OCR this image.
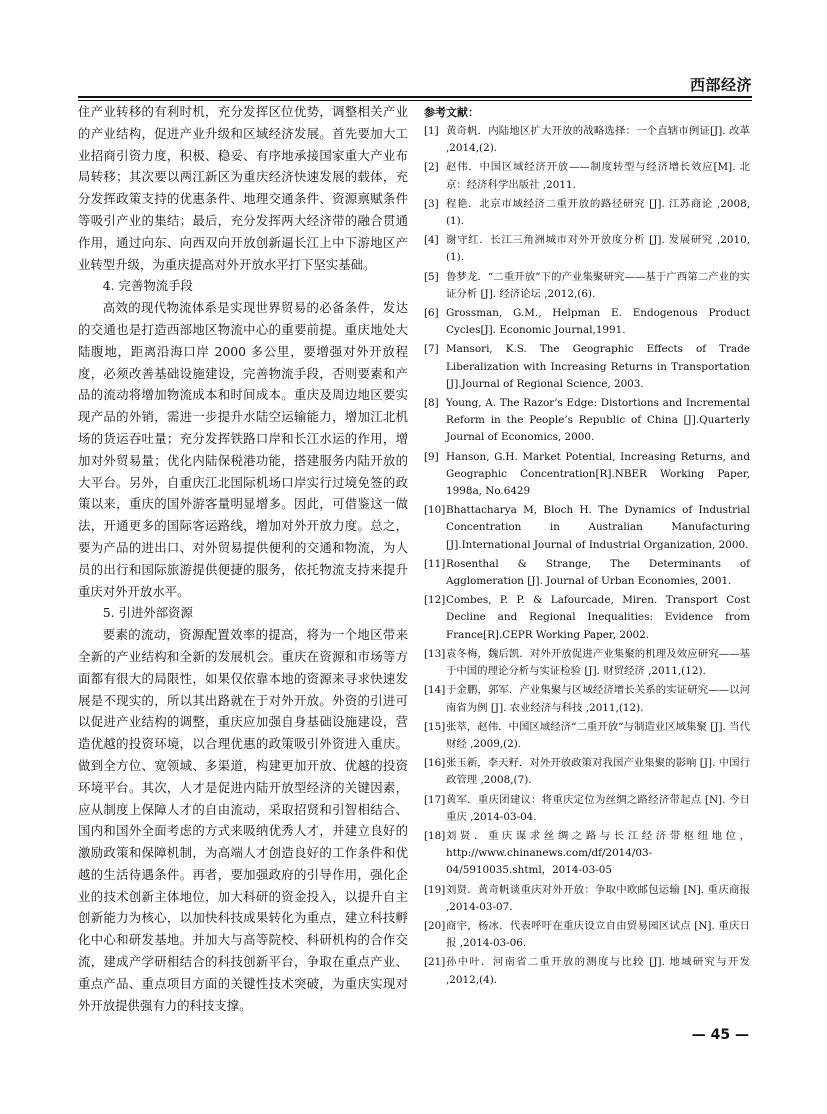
西部经济

住产业转移的有利时机，充分发挥区位优势，调整相关产业的产业结构，促进产业升级和区域经济发展。首先要加大工业招商引资力度，积极、稳妥、有序地承接国家重大产业布局转移；其次要以两江新区为重庆经济快速发展的载体，充分发挥政策支持的优惠条件、地理交通条件、资源禀赋条件等吸引产业的集结；最后，充分发挥两大经济带的融合贯通作用，通过向东、向西双向开放创新逼长江上中下游地区产业转型升级，为重庆提高对外开放水平打下坚实基础。

4. 完善物流手段

高效的现代物流体系是实现世界贸易的必备条件，发达的交通也是打造西部地区物流中心的重要前提。重庆地处大陆腹地，距离沿海口岸 2000 多公里，要增强对外开放程度，必须改善基础设施建设，完善物流手段，否则要素和产品的流动将增加物流成本和时间成本。重庆及周边地区要实现产品的外销，需进一步提升水陆空运输能力，增加江北机场的货运吞吐量；充分发挥铁路口岸和长江水运的作用，增加对外贸易量；优化内陆保税港功能，搭建服务内陆开放的大平台。另外，自重庆江北国际机场口岸实行过境免签的政策以来，重庆的国外游客量明显增多。因此，可借鉴这一做法，开通更多的国际客运路线，增加对外开放力度。总之，要为产品的进出口、对外贸易提供便利的交通和物流，为人员的出行和国际旅游提供便捷的服务，依托物流支持来提升重庆对外开放水平。

5. 引进外部资源

要素的流动，资源配置效率的提高，将为一个地区带来全新的产业结构和全新的发展机会。重庆在资源和市场等方面都有很大的局限性，如果仅依靠本地的资源来寻求快速发展是不现实的，所以其出路就在于对外开放。外资的引进可以促进产业结构的调整，重庆应加强自身基础设施建设，营造优越的投资环境，以合理优惠的政策吸引外资进入重庆。做到全方位、宽领域、多渠道，构建更加开放、优越的投资环境平台。其次，人才是促进内陆开放型经济的关键因素，应从制度上保障人才的自由流动，采取招贤和引智相结合、国内和国外全面考虑的方式来吸纳优秀人才，并建立良好的激励政策和保障机制，为高端人才创造良好的工作条件和优越的生活待遇条件。再者，要加强政府的引导作用，强化企业的技术创新主体地位，加大科研的资金投入，以提升自主创新能力为核心，以加快科技成果转化为重点，建立科技孵化中心和研发基地。并加大与高等院校、科研机构的合作交流，建成产学研相结合的科技创新平台，争取在重点产业、重点产品、重点项目方面的关键性技术突破，为重庆实现对外开放提供强有力的科技支撑。

参考文献：
[1] 黄奇帆．内陆地区扩大开放的战略选择：一个直辖市例证[J]. 改革 ,2014,(2).
[2] 赵伟．中国区域经济开放——制度转型与经济增长效应[M]. 北京：经济科学出版社 ,2011.
[3] 程艳．北京市域经济二重开放的路径研究 [J]. 江苏商论 ,2008,(1).
[4] 谢守红．长江三角洲城市对外开放度分析 [J]. 发展研究 ,2010,(1).
[5] 鲁梦龙．“二重开放”下的产业集聚研究——基于广西第二产业的实证分析 [J]. 经济论坛 ,2012,(6).
[6] Grossman, G.M., Helpman E. Endogenous Product Cycles[J]. Economic Journal,1991.
[7] Mansori, K.S. The Geographic Effects of Trade Liberalization with Increasing Returns in Transportation [J].Journal of Regional Science, 2003.
[8] Young, A. The Razor’s Edge: Distortions and Incremental Reform in the People’s Republic of China [J].Quarterly Journal of Economics, 2000.
[9] Hanson, G.H. Market Potential, Increasing Returns, and Geographic Concentration[R].NBER Working Paper, 1998a, No.6429
[10] Bhattacharya M, Bloch H. The Dynamics of Industrial Concentration in Australian Manufacturing [J].International Journal of Industrial Organization, 2000.
[11] Rosenthal & Strange, The Determinants of Agglomeration [J]. Journal of Urban Economies, 2001.
[12] Combes, P. P. & Lafourcade, Miren. Transport Cost Decline and Regional Inequalities: Evidence from France[R].CEPR Working Paper, 2002.
[13] 袁冬梅，魏后凯．对外开放促进产业集聚的机理及效应研究——基于中国的理论分析与实证检验 [J]. 财贸经济 ,2011,(12).
[14] 于金鹏，郭军．产业集聚与区域经济增长关系的实证研究——以河南省为例 [J]. 农业经济与科技 ,2011,(12).
[15] 张萃，赵伟．中国区域经济“二重开放”与制造业区域集聚 [J]. 当代财经 ,2009,(2).
[16] 张玉新，李天籽．对外开放政策对我国产业集聚的影响 [J]. 中国行政管理 ,2008,(7).
[17] 黄军．重庆团建议：将重庆定位为丝绸之路经济带起点 [N]. 今日重庆 ,2014-03-04.
[18] 刘贤．重庆谋求丝绸之路与长江经济带枢纽地位，http://www.chinanews.com/df/2014/03-04/5910035.shtml，2014-03-05
[19] 刘贤．黄奇帆谈重庆对外开放：争取中欧邮包运输 [N]. 重庆商报 ,2014-03-07.
[20] 商宇，杨冰．代表呼吁在重庆设立自由贸易园区试点 [N]. 重庆日报 ,2014-03-06.
[21] 孙中叶．河南省二重开放的测度与比较 [J]. 地域研究与开发 ,2012,(4).
— 45 —
